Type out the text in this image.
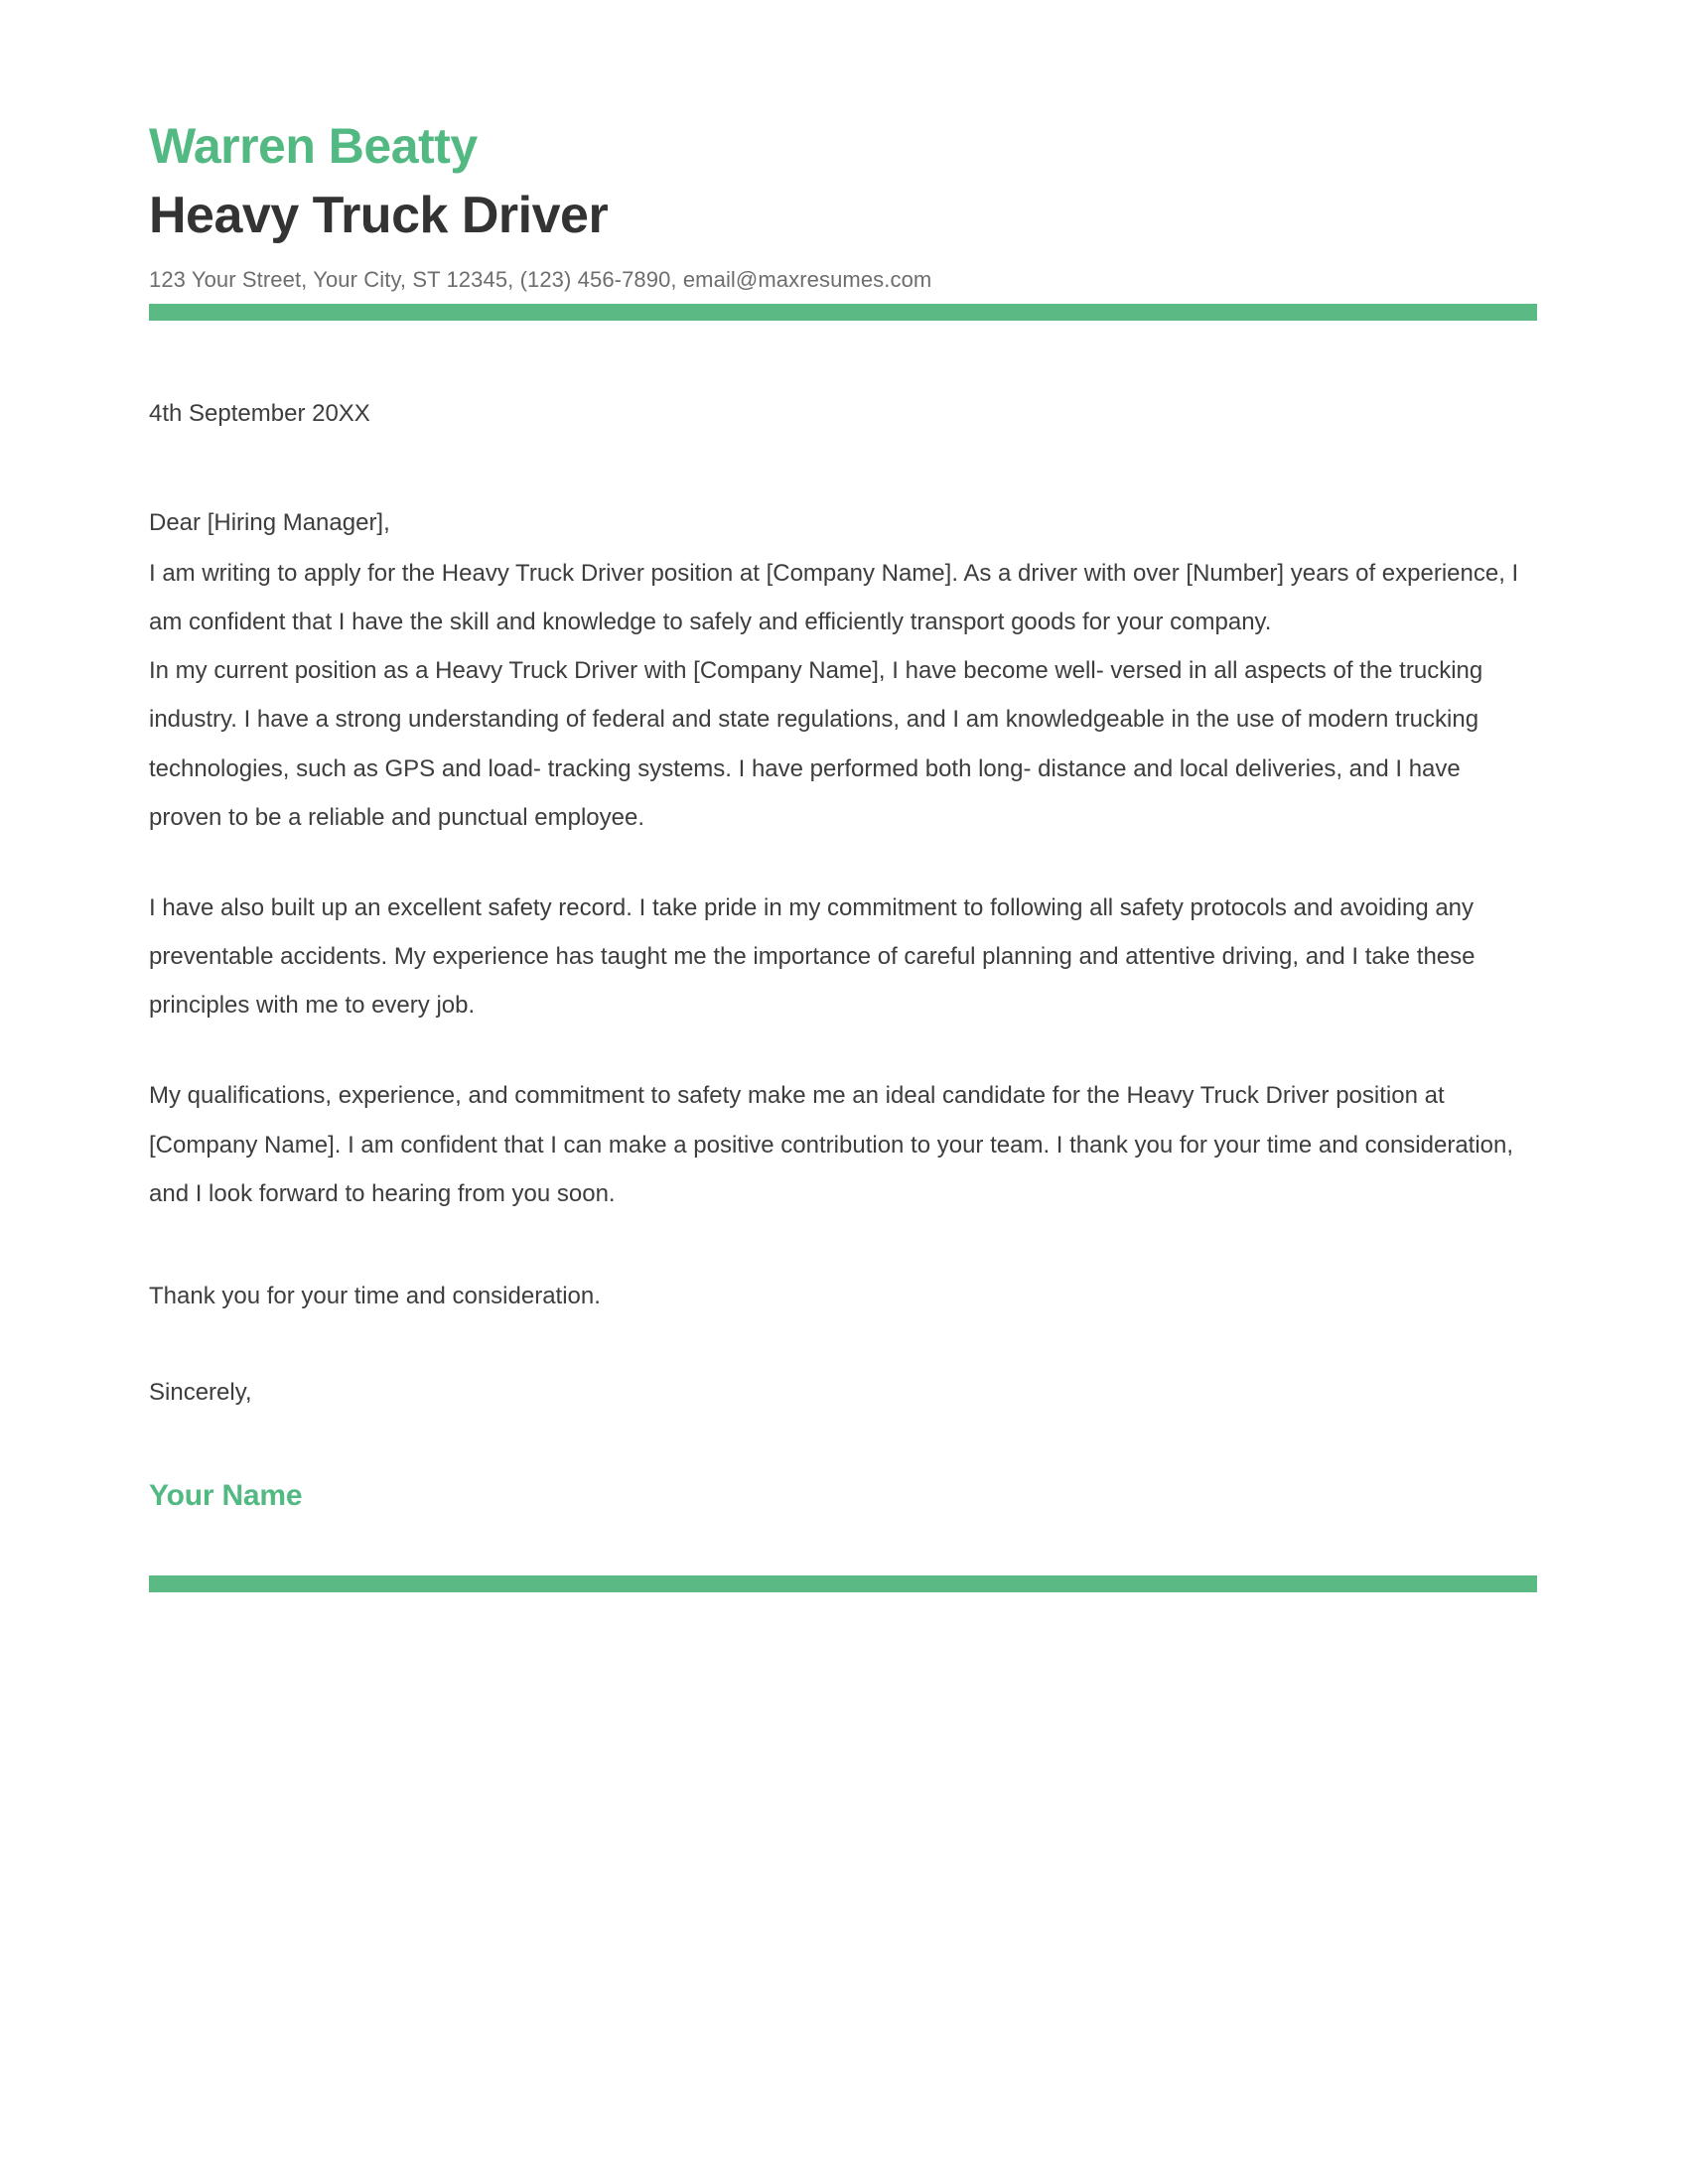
Warren Beatty
Heavy Truck Driver
123 Your Street, Your City, ST 12345, (123) 456-7890, email@maxresumes.com
4th September 20XX
Dear [Hiring Manager],

I am writing to apply for the Heavy Truck Driver position at [Company Name]. As a driver with over [Number] years of experience, I am confident that I have the skill and knowledge to safely and efficiently transport goods for your company.

In my current position as a Heavy Truck Driver with [Company Name], I have become well- versed in all aspects of the trucking industry. I have a strong understanding of federal and state regulations, and I am knowledgeable in the use of modern trucking technologies, such as GPS and load- tracking systems. I have performed both long- distance and local deliveries, and I have proven to be a reliable and punctual employee.

I have also built up an excellent safety record. I take pride in my commitment to following all safety protocols and avoiding any preventable accidents. My experience has taught me the importance of careful planning and attentive driving, and I take these principles with me to every job.

My qualifications, experience, and commitment to safety make me an ideal candidate for the Heavy Truck Driver position at [Company Name]. I am confident that I can make a positive contribution to your team. I thank you for your time and consideration, and I look forward to hearing from you soon.

Thank you for your time and consideration.
Sincerely,
Your Name
